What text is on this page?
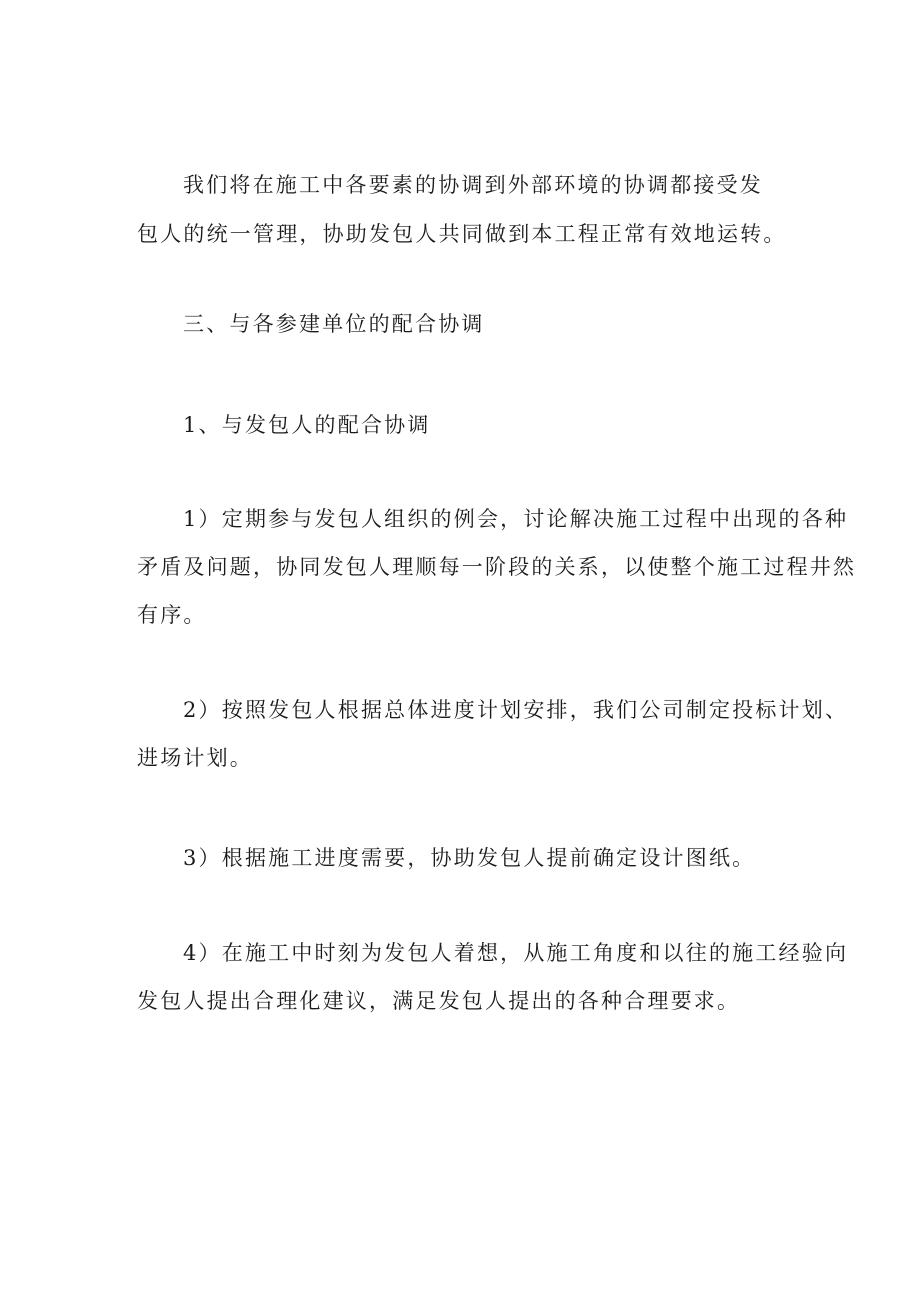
我们将在施工中各要素的协调到外部环境的协调都接受发
包人的统一管理，协助发包人共同做到本工程正常有效地运转。
三、与各参建单位的配合协调
1、与发包人的配合协调
1）定期参与发包人组织的例会，讨论解决施工过程中出现的各种
矛盾及问题，协同发包人理顺每一阶段的关系，以使整个施工过程井然
有序。
2）按照发包人根据总体进度计划安排，我们公司制定投标计划、
进场计划。
3）根据施工进度需要，协助发包人提前确定设计图纸。
4）在施工中时刻为发包人着想，从施工角度和以往的施工经验向
发包人提出合理化建议，满足发包人提出的各种合理要求。
